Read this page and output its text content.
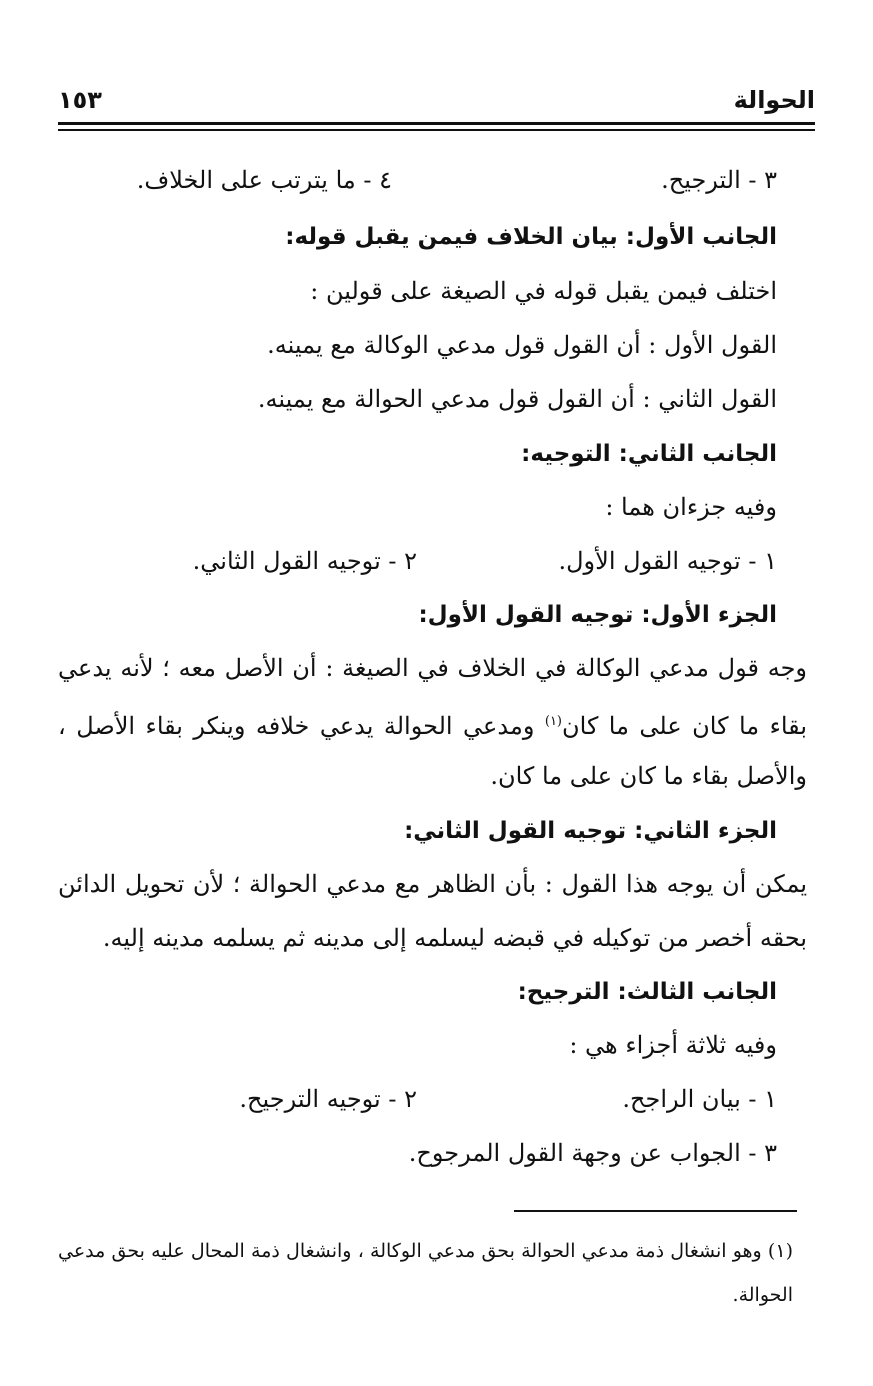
الحوالة
١٥٣
٣ - الترجيح.
٤ - ما يترتب على الخلاف.
الجانب الأول: بيان الخلاف فيمن يقبل قوله:
اختلف فيمن يقبل قوله في الصيغة على قولين :
القول الأول : أن القول قول مدعي الوكالة مع يمينه.
القول الثاني : أن القول قول مدعي الحوالة مع يمينه.
الجانب الثاني: التوجيه:
وفيه جزءان هما :
١ - توجيه القول الأول.
٢ - توجيه القول الثاني.
الجزء الأول: توجيه القول الأول:
وجه قول مدعي الوكالة في الخلاف في الصيغة : أن الأصل معه ؛ لأنه يدعي
بقاء ما كان على ما كان$^{(١)}$ ومدعي الحوالة يدعي خلافه وينكر بقاء الأصل ،
والأصل بقاء ما كان على ما كان.
الجزء الثاني: توجيه القول الثاني:
يمكن أن يوجه هذا القول : بأن الظاهر مع مدعي الحوالة ؛ لأن تحويل الدائن
بحقه أخصر من توكيله في قبضه ليسلمه إلى مدينه ثم يسلمه مدينه إليه.
الجانب الثالث: الترجيح:
وفيه ثلاثة أجزاء هي :
١ - بيان الراجح.
٢ - توجيه الترجيح.
٣ - الجواب عن وجهة القول المرجوح.
(١) وهو انشغال ذمة مدعي الحوالة بحق مدعي الوكالة ، وانشغال ذمة المحال عليه بحق مدعي
الحوالة.
